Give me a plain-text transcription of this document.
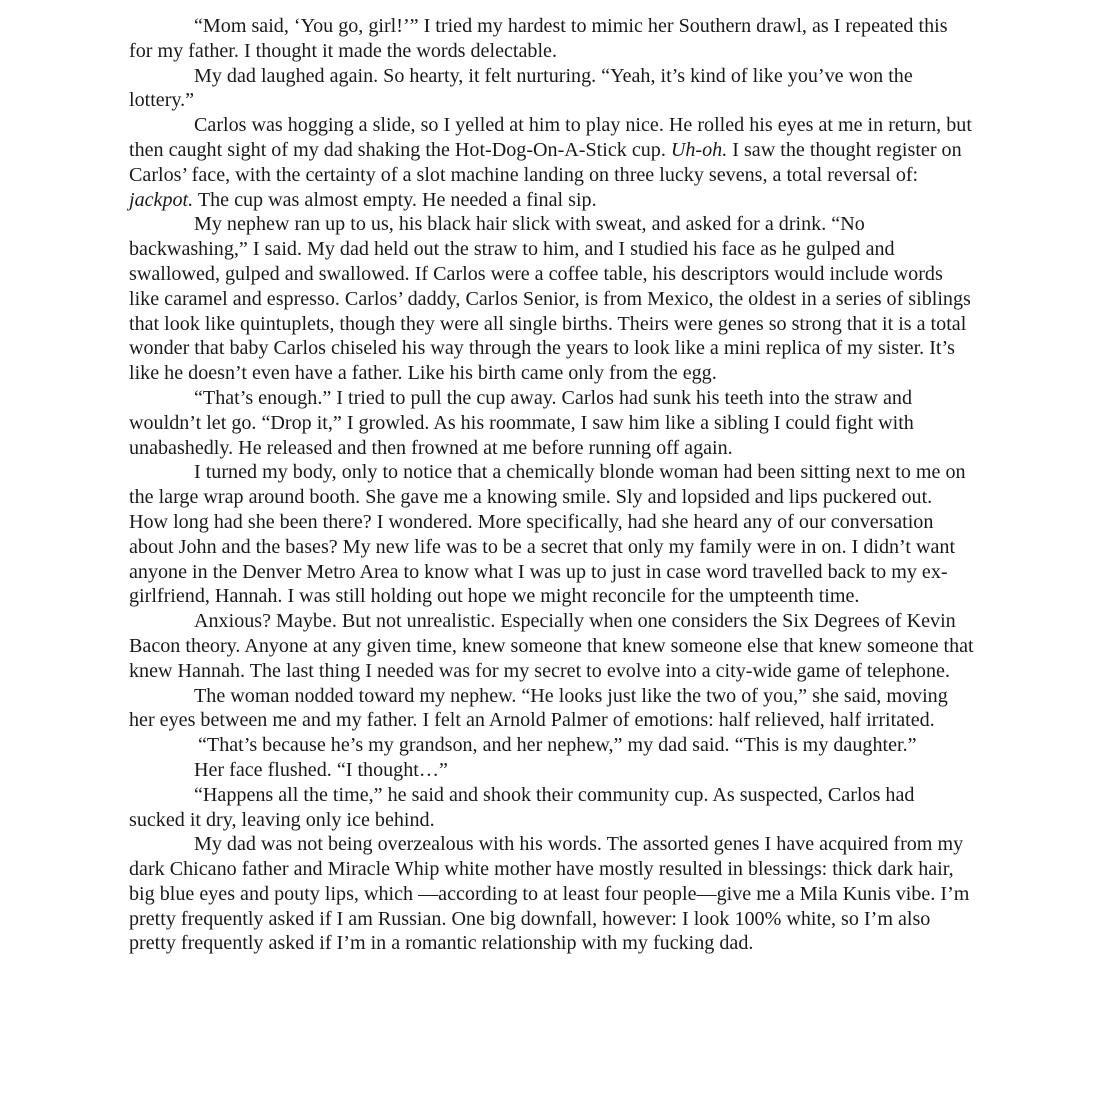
“Mom said, ‘You go, girl!’” I tried my hardest to mimic her Southern drawl, as I repeated this for my father. I thought it made the words delectable.

My dad laughed again. So hearty, it felt nurturing. “Yeah, it’s kind of like you’ve won the lottery.”

Carlos was hogging a slide, so I yelled at him to play nice. He rolled his eyes at me in return, but then caught sight of my dad shaking the Hot-Dog-On-A-Stick cup. Uh-oh. I saw the thought register on Carlos’ face, with the certainty of a slot machine landing on three lucky sevens, a total reversal of: jackpot. The cup was almost empty. He needed a final sip.

My nephew ran up to us, his black hair slick with sweat, and asked for a drink. “No backwashing,” I said. My dad held out the straw to him, and I studied his face as he gulped and swallowed, gulped and swallowed. If Carlos were a coffee table, his descriptors would include words like caramel and espresso. Carlos’ daddy, Carlos Senior, is from Mexico, the oldest in a series of siblings that look like quintuplets, though they were all single births. Theirs were genes so strong that it is a total wonder that baby Carlos chiseled his way through the years to look like a mini replica of my sister. It’s like he doesn’t even have a father. Like his birth came only from the egg.

“That’s enough.” I tried to pull the cup away. Carlos had sunk his teeth into the straw and wouldn’t let go. “Drop it,” I growled. As his roommate, I saw him like a sibling I could fight with unabashedly. He released and then frowned at me before running off again.

I turned my body, only to notice that a chemically blonde woman had been sitting next to me on the large wrap around booth. She gave me a knowing smile. Sly and lopsided and lips puckered out. How long had she been there? I wondered. More specifically, had she heard any of our conversation about John and the bases? My new life was to be a secret that only my family were in on. I didn’t want anyone in the Denver Metro Area to know what I was up to just in case word travelled back to my ex-girlfriend, Hannah. I was still holding out hope we might reconcile for the umpteenth time.

Anxious? Maybe. But not unrealistic. Especially when one considers the Six Degrees of Kevin Bacon theory. Anyone at any given time, knew someone that knew someone else that knew someone that knew Hannah. The last thing I needed was for my secret to evolve into a city-wide game of telephone.

The woman nodded toward my nephew. “He looks just like the two of you,” she said, moving her eyes between me and my father. I felt an Arnold Palmer of emotions: half relieved, half irritated.

“That’s because he’s my grandson, and her nephew,” my dad said. “This is my daughter.”

Her face flushed. “I thought…”

“Happens all the time,” he said and shook their community cup. As suspected, Carlos had sucked it dry, leaving only ice behind.

My dad was not being overzealous with his words. The assorted genes I have acquired from my dark Chicano father and Miracle Whip white mother have mostly resulted in blessings: thick dark hair, big blue eyes and pouty lips, which —according to at least four people—give me a Mila Kunis vibe. I’m pretty frequently asked if I am Russian. One big downfall, however: I look 100% white, so I’m also pretty frequently asked if I’m in a romantic relationship with my fucking dad.
